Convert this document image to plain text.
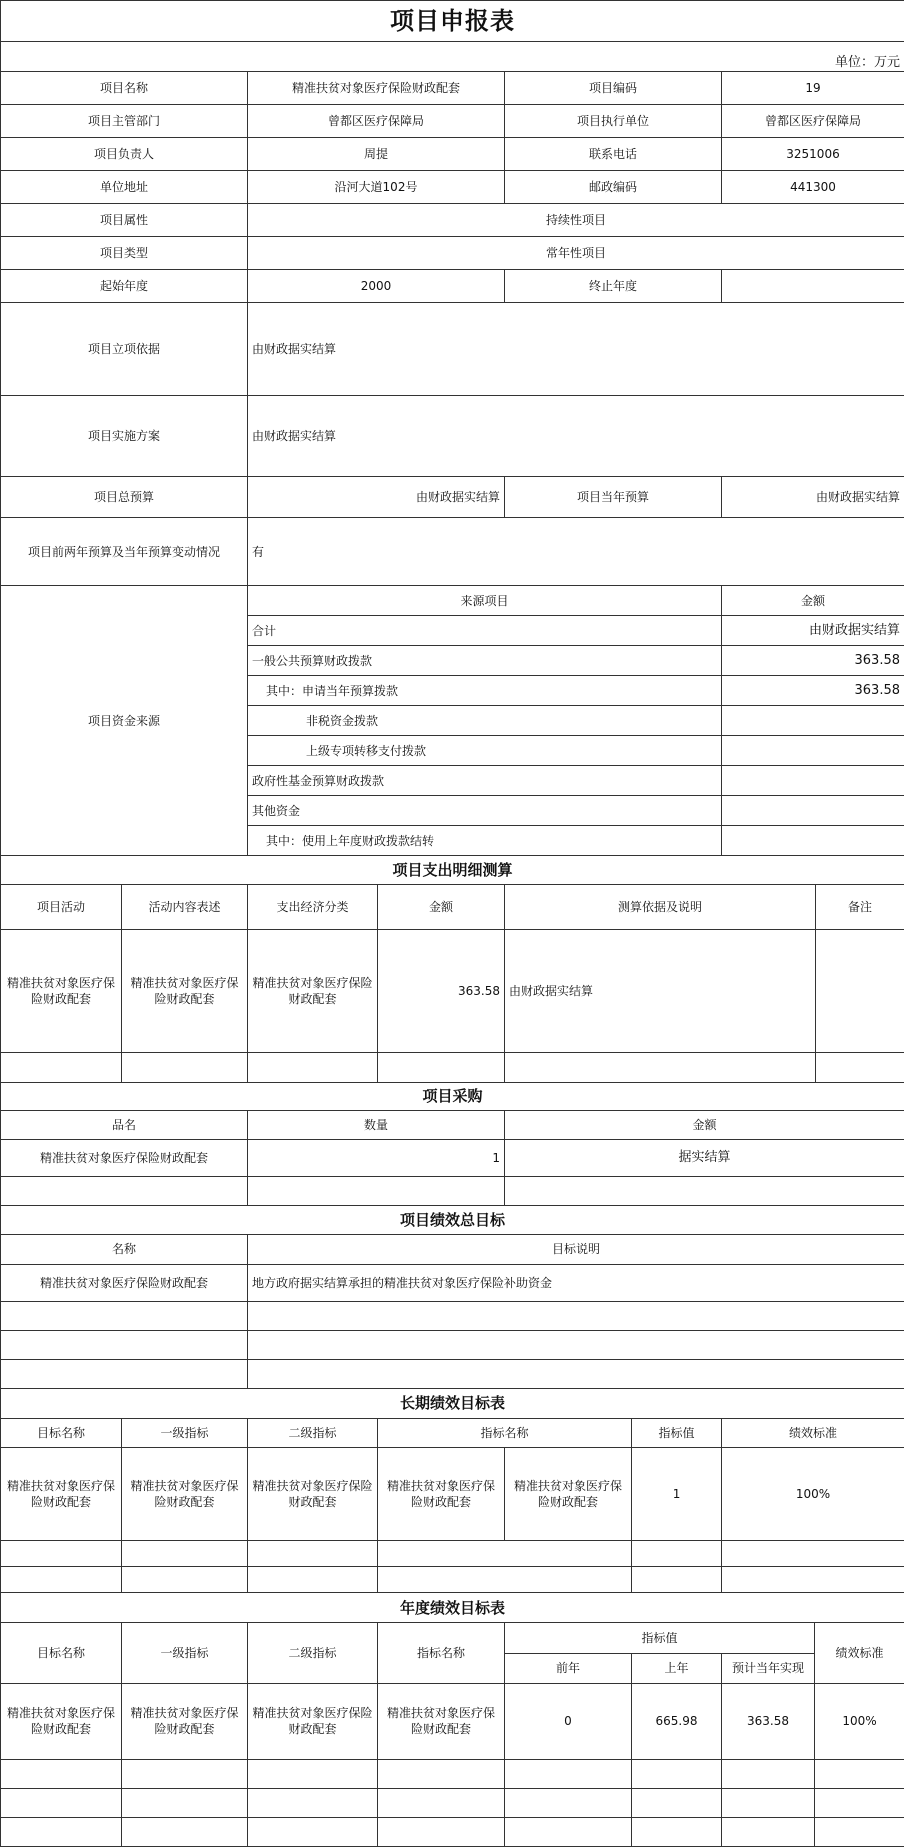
项目申报表			
单位：万元			
项目名称	精准扶贫对象医疗保险财政配套	项目编码	19
项目主管部门	曾都区医疗保障局	项目执行单位	曾都区医疗保障局
项目负责人	周提	联系电话	3251006
单位地址	沿河大道102号	邮政编码	441300
项目属性	持续性项目		
项目类型	常年性项目		
起始年度	2000	终止年度	
项目立项依据	由财政据实结算		
项目实施方案	由财政据实结算		
项目总预算	由财政据实结算	项目当年预算	由财政据实结算
项目前两年预算及当年预算变动情况	有		
项目资金来源	来源项目		金额
	合计		由财政据实结算
	一般公共预算财政拨款		363.58
	其中：申请当年预算拨款		363.58
	非税资金拨款		
	上级专项转移支付拨款		
	政府性基金预算财政拨款		
	其他资金		
	其中：使用上年度财政拨款结转		
项目支出明细测算			
项目活动	活动内容表述	支出经济分类	金额	测算依据及说明	备注
精准扶贫对象医疗保险财政配套	精准扶贫对象医疗保险财政配套	精准扶贫对象医疗保险财政配套	363.58	由财政据实结算	

项目采购					
品名	数量	金额
精准扶贫对象医疗保险财政配套	1	据实结算

项目绩效总目标		
名称	目标说明
精准扶贫对象医疗保险财政配套	地方政府据实结算承担的精准扶贫对象医疗保险补助资金

长期绩效目标表	
目标名称	一级指标	二级指标	指标名称		指标值	绩效标准
精准扶贫对象医疗保险财政配套	精准扶贫对象医疗保险财政配套	精准扶贫对象医疗保险财政配套	精准扶贫对象医疗保险财政配套	精准扶贫对象医疗保险财政配套	1	100%

年度绩效目标表						
目标名称	一级指标	二级指标	指标名称	指标值			绩效标准
				前年	上年	预计当年实现	
精准扶贫对象医疗保险财政配套	精准扶贫对象医疗保险财政配套	精准扶贫对象医疗保险财政配套	精准扶贫对象医疗保险财政配套	0	665.98	363.58	100%
